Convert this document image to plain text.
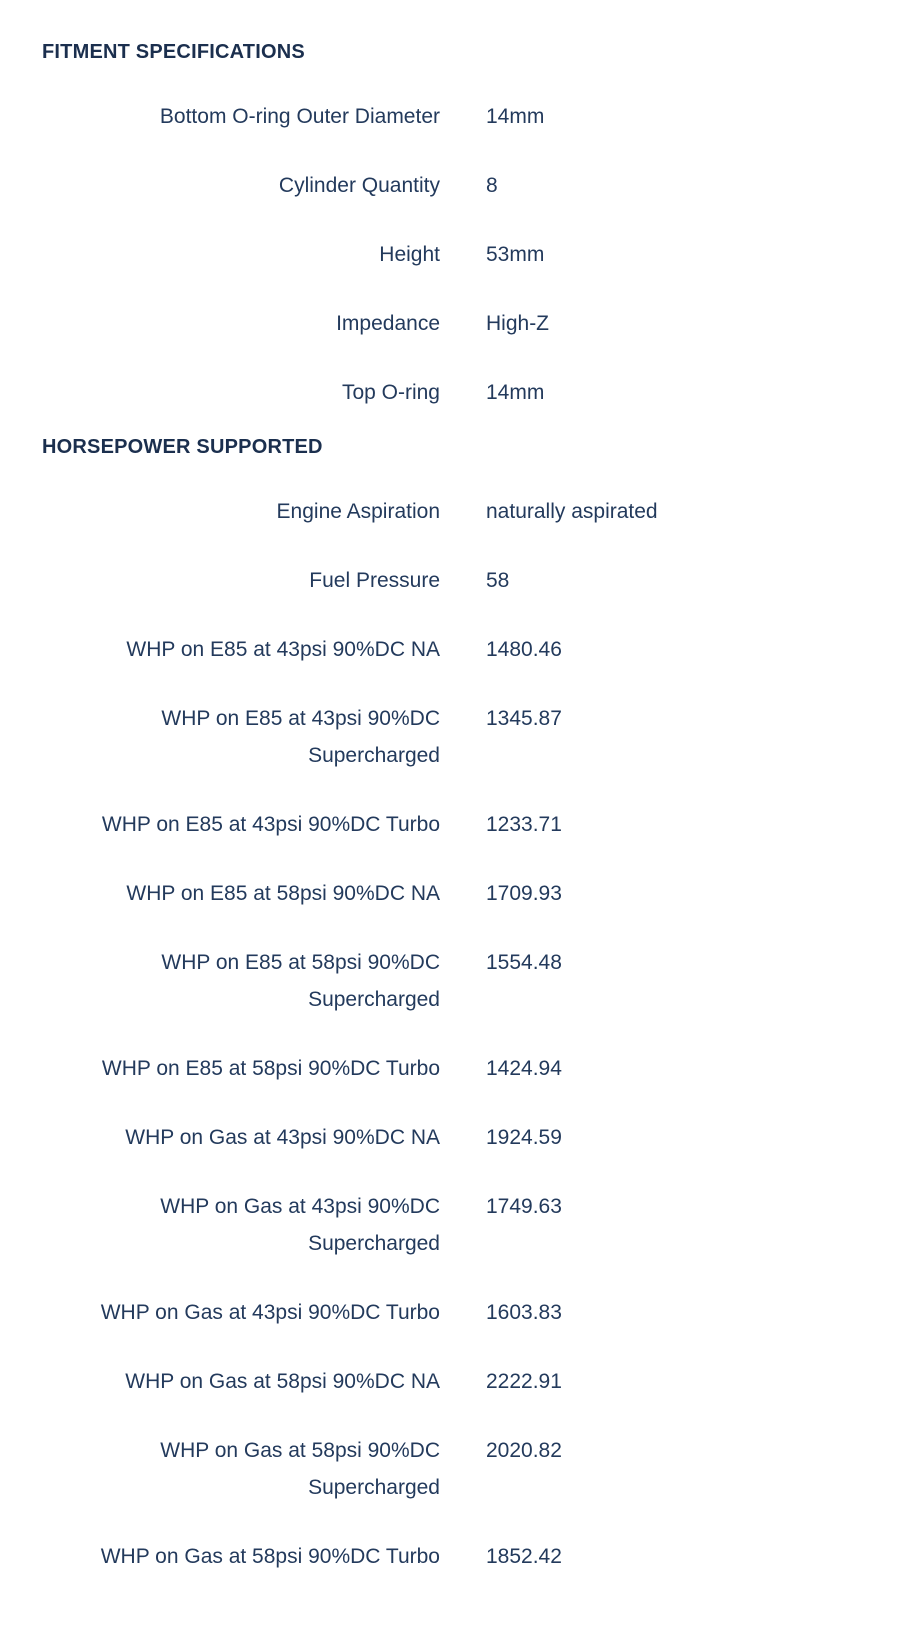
FITMENT SPECIFICATIONS
Bottom O-ring Outer Diameter		14mm
Cylinder Quantity		8
Height		53mm
Impedance		High-Z
Top O-ring		14mm
HORSEPOWER SUPPORTED
Engine Aspiration		naturally aspirated
Fuel Pressure		58
WHP on E85 at 43psi 90%DC NA		1480.46
WHP on E85 at 43psi 90%DC Supercharged		1345.87
WHP on E85 at 43psi 90%DC Turbo		1233.71
WHP on E85 at 58psi 90%DC NA		1709.93
WHP on E85 at 58psi 90%DC Supercharged		1554.48
WHP on E85 at 58psi 90%DC Turbo		1424.94
WHP on Gas at 43psi 90%DC NA		1924.59
WHP on Gas at 43psi 90%DC Supercharged		1749.63
WHP on Gas at 43psi 90%DC Turbo		1603.83
WHP on Gas at 58psi 90%DC NA		2222.91
WHP on Gas at 58psi 90%DC Supercharged		2020.82
WHP on Gas at 58psi 90%DC Turbo		1852.42
